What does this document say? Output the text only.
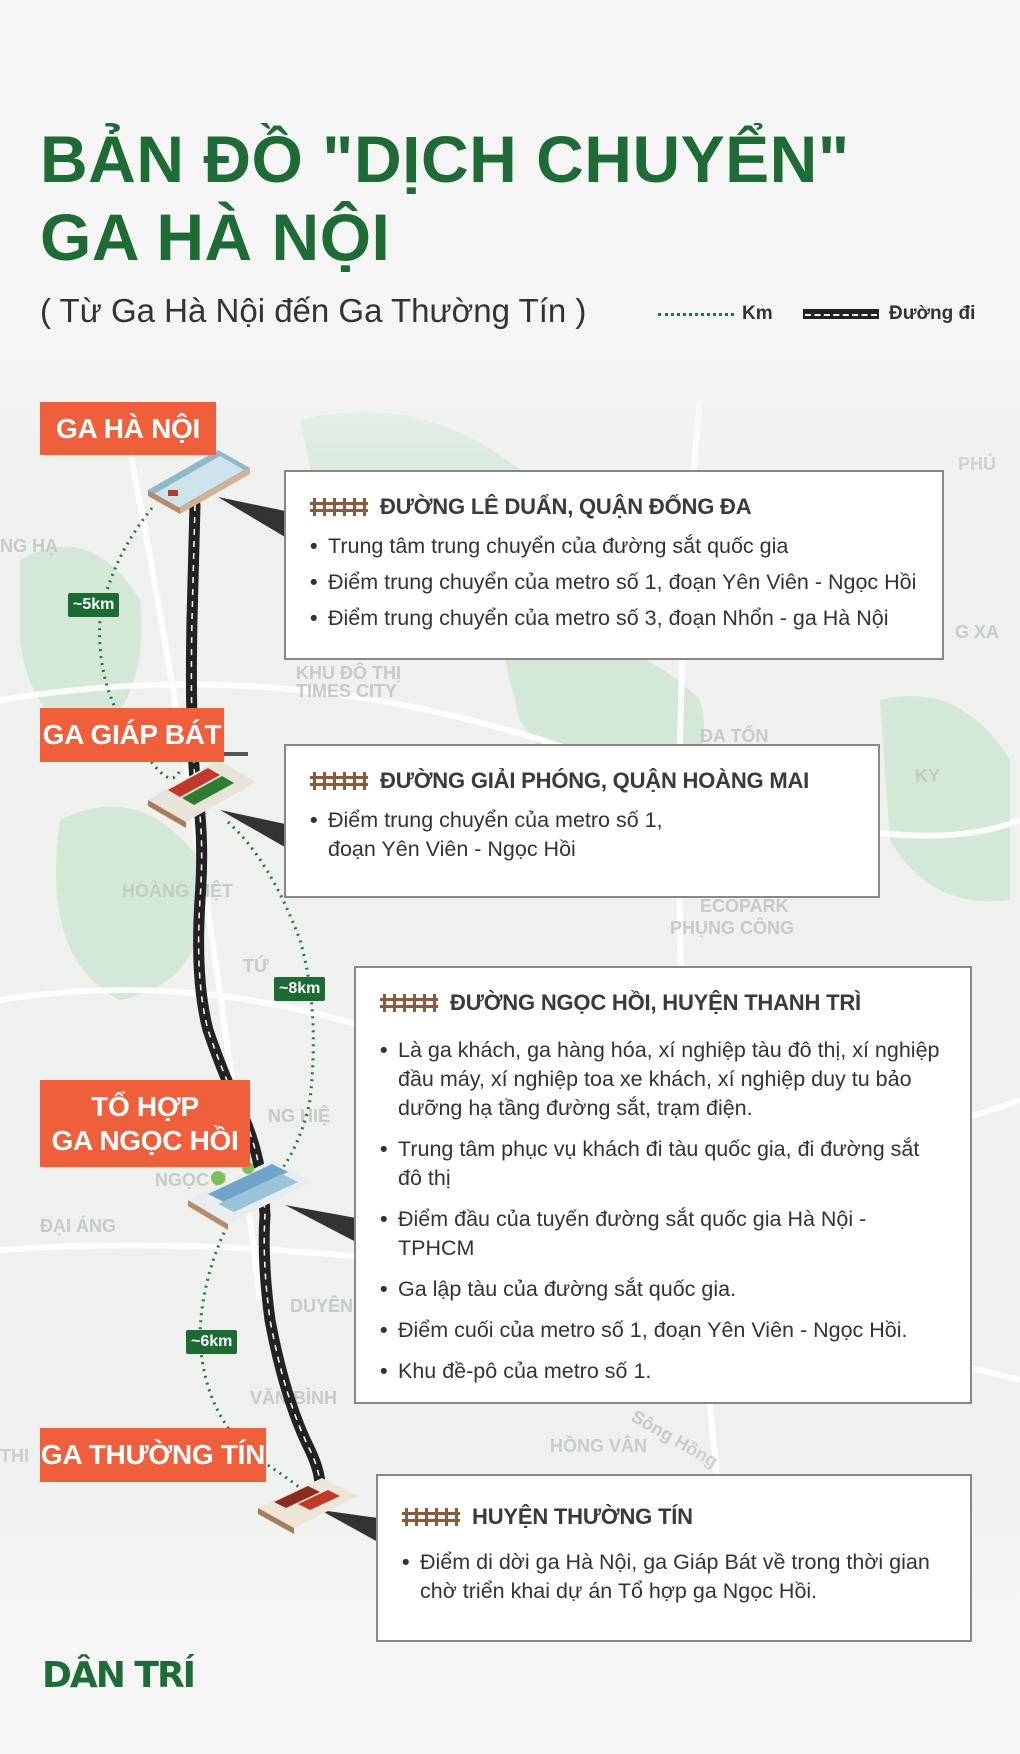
BẢN ĐỒ "DỊCH CHUYỂN"
GA HÀ NỘI
( Từ Ga Hà Nội đến Ga Thường Tín )	Km	Đường đi
GA HÀ NỘI
GA GIÁP BÁT
TỔ HỢP
GA NGỌC HỒI
GA THƯỜNG TÍN
~5km
~8km
~6km
ĐƯỜNG LÊ DUẨN, QUẬN ĐỐNG ĐA
• Trung tâm trung chuyển của đường sắt quốc gia
• Điểm trung chuyển của metro số 1, đoạn Yên Viên - Ngọc Hồi
• Điểm trung chuyển của metro số 3, đoạn Nhổn - ga Hà Nội
ĐƯỜNG GIẢI PHÓNG, QUẬN HOÀNG MAI
• Điểm trung chuyển của metro số 1,
đoạn Yên Viên - Ngọc Hồi
ĐƯỜNG NGỌC HỒI, HUYỆN THANH TRÌ
• Là ga khách, ga hàng hóa, xí nghiệp tàu đô thị, xí nghiệp đầu máy, xí nghiệp toa xe khách, xí nghiệp duy tu bảo dưỡng hạ tầng đường sắt, trạm điện.
• Trung tâm phục vụ khách đi tàu quốc gia, đi đường sắt đô thị
• Điểm đầu của tuyến đường sắt quốc gia Hà Nội - TPHCM
• Ga lập tàu của đường sắt quốc gia.
• Điểm cuối của metro số 1, đoạn Yên Viên - Ngọc Hồi.
• Khu đề-pô của metro số 1.
HUYỆN THƯỜNG TÍN
• Điểm di dời ga Hà Nội, ga Giáp Bát về trong thời gian chờ triển khai dự án Tổ hợp ga Ngọc Hồi.
DÂN TRÍ
